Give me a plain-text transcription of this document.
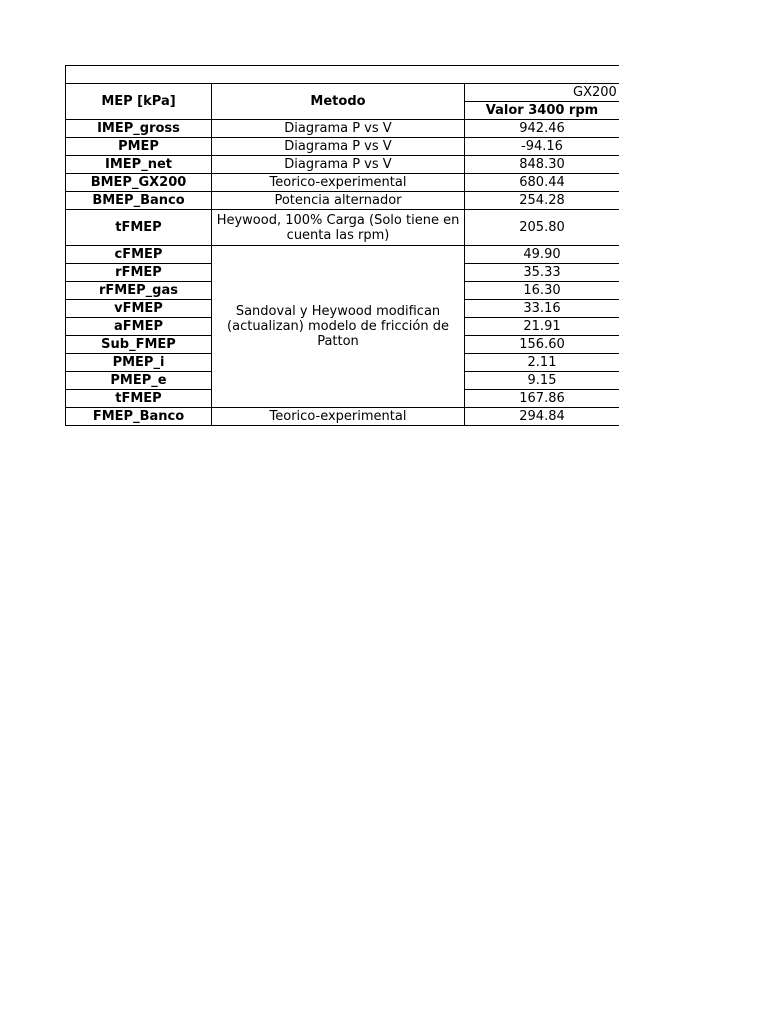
MEP [kPa]	Metodo	GX200	
		Valor 3400 rpm	
IMEP_gross	Diagrama P vs V	942.46	
PMEP	Diagrama P vs V	-94.16	
IMEP_net	Diagrama P vs V	848.30	
BMEP_GX200	Teorico-experimental	680.44	
BMEP_Banco	Potencia alternador	254.28	
tFMEP	Heywood, 100% Carga (Solo tiene en cuenta las rpm)	205.80	
cFMEP	Sandoval y Heywood modifican (actualizan) modelo de fricción de Patton	49.90	
rFMEP		35.33	
rFMEP_gas		16.30	
vFMEP		33.16	
aFMEP		21.91	
Sub_FMEP		156.60	
PMEP_i		2.11	
PMEP_e		9.15	
tFMEP		167.86	
FMEP_Banco	Teorico-experimental	294.84	
